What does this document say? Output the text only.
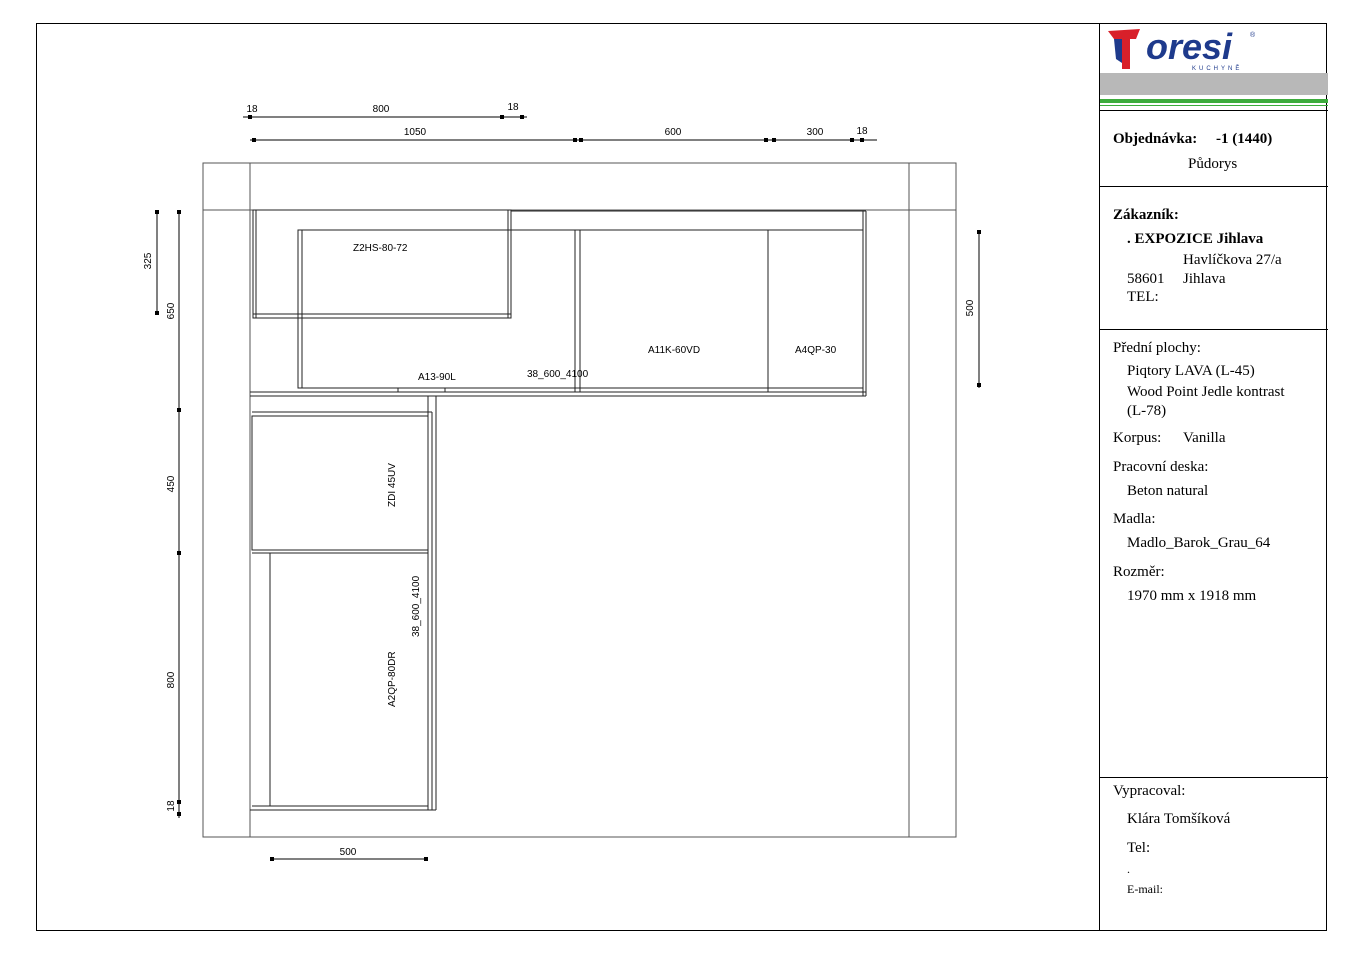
18	800	18
1050	600	300	18
325
650
450
800
18
500
500
Z2HS-80-72
A11K-60VD	A4QP-30
A13-90L	38_600_4100
ZDI 45UV
38_600_4100
A2QP-80DR
oresi	®
KUCHYNĚ
Objednávka: -1 (1440)
Půdorys
Zákazník:
. EXPOZICE Jihlava
Havlíčkova 27/a
58601 Jihlava
TEL:
Přední plochy:
Piqtory LAVA (L-45)
Wood Point Jedle kontrast
(L-78)
Korpus: Vanilla
Pracovní deska:
Beton natural
Madla:
Madlo_Barok_Grau_64
Rozměr:
1970 mm x 1918 mm
Vypracoval:
Klára Tomšíková
Tel:
.
E-mail:
